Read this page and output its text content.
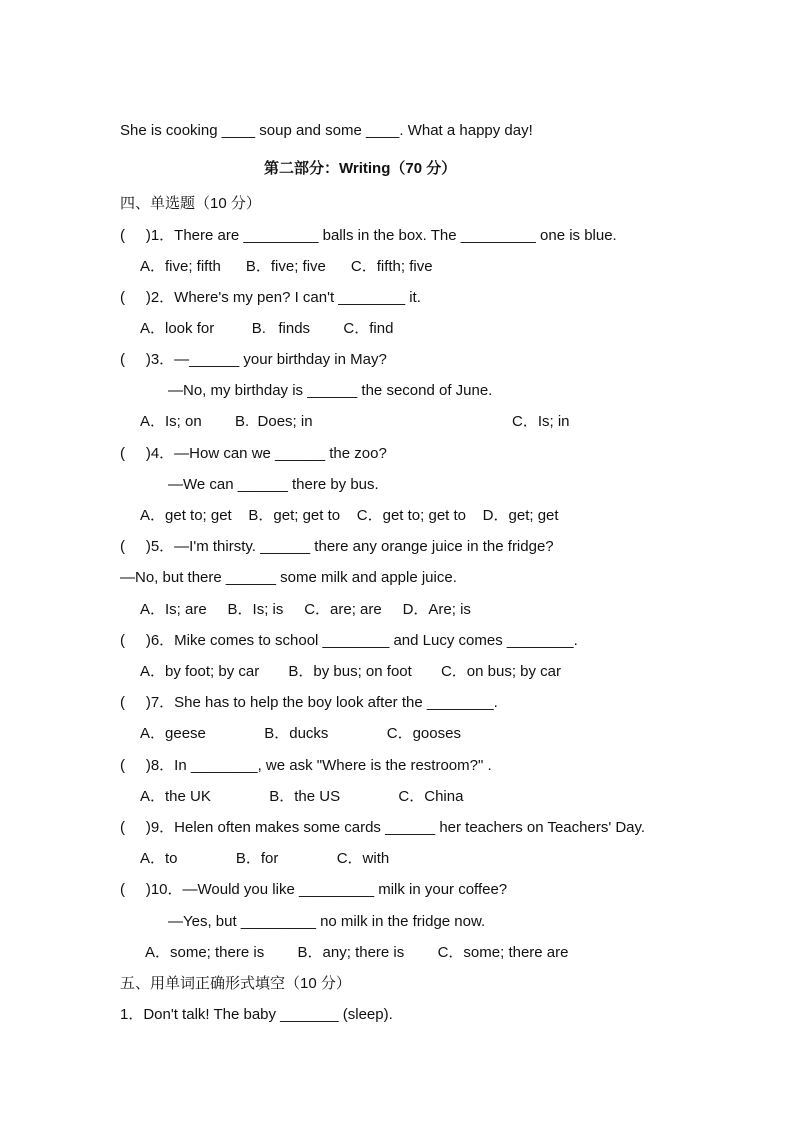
She is cooking ____ soup and some ____. What a happy day!
第二部分：Writing（70 分）
四、单选题（10 分）
(     )1．There are _________ balls in the box. The _________ one is blue.
A．five; fifth      B．five; five      C．fifth; five
(     )2．Where's my pen? I can't ________ it.
A．look for         B.   finds        C．find
(     )3．—______ your birthday in May?
—No, my birthday is ______ the second of June.
A．Is; on        B.  Does; in	C．Is; in
(     )4．—How can we ______ the zoo?
—We can ______ there by bus.
A．get to; get    B．get; get to    C．get to; get to    D．get; get
(     )5．—I'm thirsty. ______ there any orange juice in the fridge?
—No, but there ______ some milk and apple juice.
A．Is; are     B．Is; is     C．are; are     D．Are; is
(     )6．Mike comes to school ________ and Lucy comes ________.
A．by foot; by car       B．by bus; on foot       C．on bus; by car
(     )7．She has to help the boy look after the ________.
A．geese              B．ducks              C．gooses
(     )8．In ________, we ask "Where is the restroom?" .
A．the UK              B．the US              C．China
(     )9．Helen often makes some cards ______ her teachers on Teachers' Day.
A．to              B．for              C．with
(     )10．—Would you like _________ milk in your coffee?
—Yes, but _________ no milk in the fridge now.
A．some; there is        B．any; there is        C．some; there are
五、用单词正确形式填空（10 分）
1．Don't talk! The baby _______ (sleep).
